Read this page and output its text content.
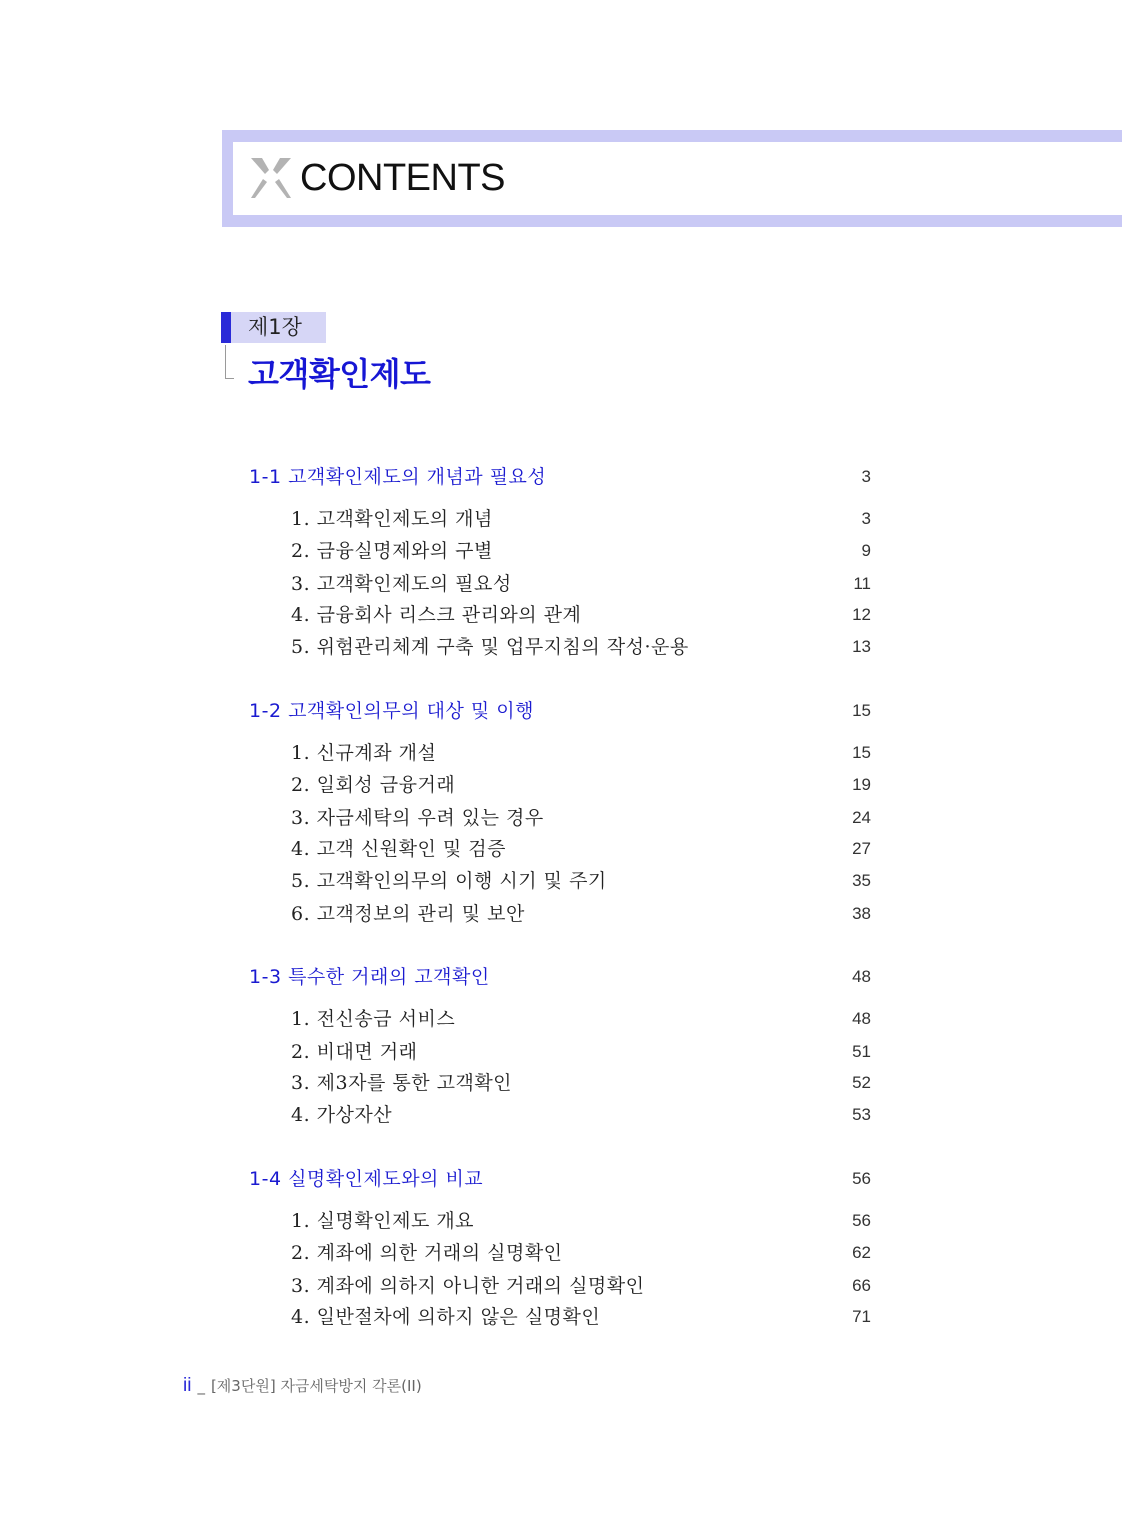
CONTENTS
제1장
고객확인제도
1-1 고객확인제도의 개념과 필요성	3
1. 고객확인제도의 개념	3
2. 금융실명제와의 구별	9
3. 고객확인제도의 필요성	11
4. 금융회사 리스크 관리와의 관계	12
5. 위험관리체계 구축 및 업무지침의 작성·운용	13
1-2 고객확인의무의 대상 및 이행	15
1. 신규계좌 개설	15
2. 일회성 금융거래	19
3. 자금세탁의 우려 있는 경우	24
4. 고객 신원확인 및 검증	27
5. 고객확인의무의 이행 시기 및 주기	35
6. 고객정보의 관리 및 보안	38
1-3 특수한 거래의 고객확인	48
1. 전신송금 서비스	48
2. 비대면 거래	51
3. 제3자를 통한 고객확인	52
4. 가상자산	53
1-4 실명확인제도와의 비교	56
1. 실명확인제도 개요	56
2. 계좌에 의한 거래의 실명확인	62
3. 계좌에 의하지 아니한 거래의 실명확인	66
4. 일반절차에 의하지 않은 실명확인	71
ii _ [제3단원] 자금세탁방지 각론(II)
